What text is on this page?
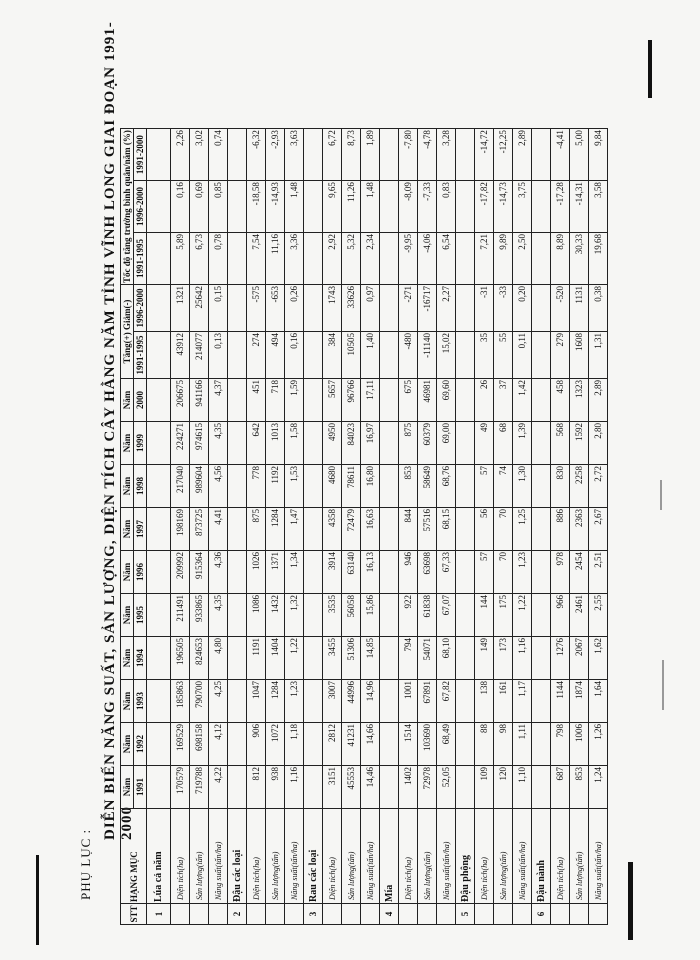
PHỤ LỤC :
DIỄN BIẾN NĂNG SUẤT, SẢN LƯỢNG, DIỆN TÍCH CÂY HẰNG NĂM TỈNH VĨNH LONG GIAI ĐOẠN 1991-2000
STT	HẠNG MỤC	Năm	Năm	Năm	Năm	Năm	Năm	Năm	Năm	Năm	Năm	Tăng(+) Giảm(-)		Tốc độ tăng trưởng bình quân/năm (%)		
		1991	1992	1993	1994	1995	1996	1997	1998	1999	2000	1991-1995	1996-2000	1991-1995	1996-2000	1991-2000
1	Lúa cả năm															
	Diện tích(ha)	170579	169529	185863	196505	211491	209992	198169	217040	224271	206675	43912	1321	5,89	0,16	2,26
	Sản lượng(tấn)	719788	698158	790700	824653	933865	915364	873725	989604	974615	941166	214077	25642	6,73	0,69	3,02
	Năng suất(tấn/ha)	4,22	4,12	4,25	4,80	4,35	4,36	4,41	4,56	4,35	4,37	0,13	0,15	0,78	0,85	0,74
2	Đậu các loại															
	Diện tích(ha)	812	906	1047	1191	1086	1026	875	778	642	451	274	-575	7,54	-18,58	-6,32
	Sản lượng(tấn)	938	1072	1284	1404	1432	1371	1284	1192	1013	718	494	-653	11,16	-14,93	-2,93
	Năng suất(tấn/ha)	1,16	1,18	1,23	1,22	1,32	1,34	1,47	1,53	1,58	1,59	0,16	0,26	3,36	1,48	3,63
3	Rau các loại															
	Diện tích(ha)	3151	2812	3007	3455	3535	3914	4358	4680	4950	5657	384	1743	2,92	9,65	6,72
	Sản lượng(tấn)	45553	41231	44996	51306	56058	63140	72479	78611	84023	96766	10505	33626	5,32	11,26	8,73
	Năng suất(tấn/ha)	14,46	14,66	14,96	14,85	15,86	16,13	16,63	16,80	16,97	17,11	1,40	0,97	2,34	1,48	1,89
4	Mía															
	Diện tích(ha)	1402	1514	1001	794	922	946	844	853	875	675	-480	-271	-9,95	-8,09	-7,80
	Sản lượng(tấn)	72978	103690	67891	54071	61838	63698	57516	58649	60379	46981	-11140	-16717	-4,06	-7,33	-4,78
	Năng suất(tấn/ha)	52,05	68,49	67,82	68,10	67,07	67,33	68,15	68,76	69,00	69,60	15,02	2,27	6,54	0,83	3,28
5	Đậu phộng															
	Diện tích(ha)	109	88	138	149	144	57	56	57	49	26	35	-31	7,21	-17,82	-14,72
	Sản lượng(tấn)	120	98	161	173	175	70	70	74	68	37	55	-33	9,89	-14,73	-12,25
	Năng suất(tấn/ha)	1,10	1,11	1,17	1,16	1,22	1,23	1,25	1,30	1,39	1,42	0,11	0,20	2,50	3,75	2,89
6	Đậu nành															
	Diện tích(ha)	687	798	1144	1276	966	978	886	830	568	458	279	-520	8,89	-17,28	-4,41
	Sản lượng(tấn)	853	1006	1874	2067	2461	2454	2363	2258	1592	1323	1608	1131	30,33	-14,31	5,00
	Năng suất(tấn/ha)	1,24	1,26	1,64	1,62	2,55	2,51	2,67	2,72	2,80	2,89	1,31	0,38	19,68	3,58	9,84
